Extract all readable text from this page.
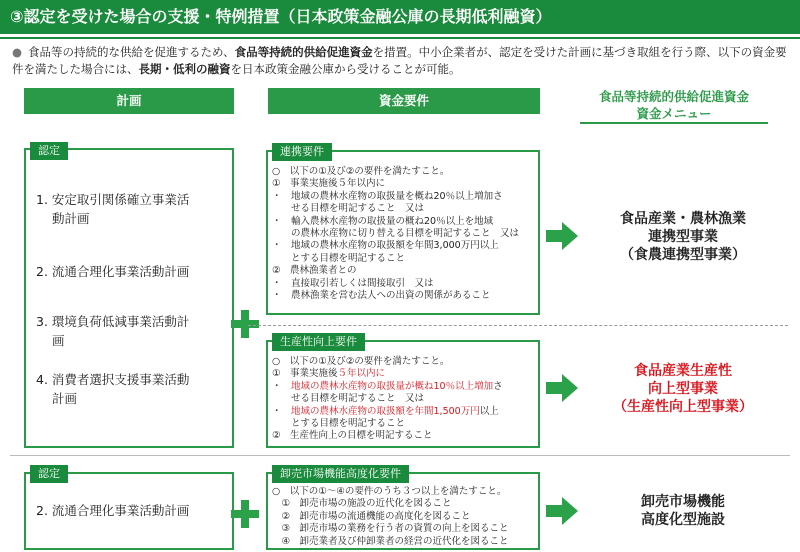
③認定を受けた場合の支援・特例措置（日本政策金融公庫の長期低利融資）
● 食品等の持続的な供給を促進するため、食品等持続的供給促進資金を措置。中小企業者が、認定を受けた計画に基づき取組を行う際、以下の資金要件を満たした場合には、長期・低利の融資を日本政策金融公庫から受けることが可能。
計画	資金要件	食品等持続的供給促進資金
資金メニュー
認定
1. 安定取引関係確立事業活
動計画
2. 流通合理化事業活動計画
3. 環境負荷低減事業活動計
画
4. 消費者選択支援事業活動
計画
連携要件
○　以下の①及び②の要件を満たすこと。
①　事業実施後５年以内に
・　地域の農林水産物の取扱量を概ね20％以上増加さ
　　せる目標を明記すること　又は
・　輸入農林水産物の取扱量の概ね20％以上を地域
　　の農林水産物に切り替える目標を明記すること　又は
・　地域の農林水産物の取扱額を年間3,000万円以上
　　とする目標を明記すること
②　農林漁業者との
・　直接取引若しくは間接取引　又は
・　農林漁業を営む法人への出資の関係があること
食品産業・農林漁業
連携型事業
（食農連携型事業）
生産性向上要件
○　以下の①及び②の要件を満たすこと。
①　事業実施後５年以内に
・　地域の農林水産物の取扱量が概ね10％以上増加さ
　　せる目標を明記すること　又は
・　地域の農林水産物の取扱額を年間1,500万円以上
　　とする目標を明記すること
②　生産性向上の目標を明記すること
食品産業生産性
向上型事業
（生産性向上型事業）
認定
2. 流通合理化事業活動計画
卸売市場機能高度化要件
○　以下の①～④の要件のうち３つ以上を満たすこと。
　①　卸売市場の施設の近代化を図ること
　②　卸売市場の流通機能の高度化を図ること
　③　卸売市場の業務を行う者の資質の向上を図ること
　④　卸売業者及び仲卸業者の経営の近代化を図ること
卸売市場機能
高度化型施設
